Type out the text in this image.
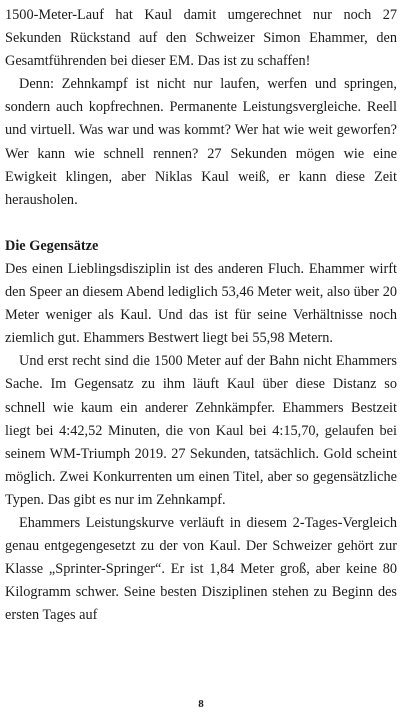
1500-Meter-Lauf hat Kaul damit umgerechnet nur noch 27 Sekunden Rückstand auf den Schweizer Simon Ehammer, den Gesamtführenden bei dieser EM. Das ist zu schaffen!

Denn: Zehnkampf ist nicht nur laufen, werfen und springen, sondern auch kopfrechnen. Permanente Leistungsvergleiche. Reell und virtuell. Was war und was kommt? Wer hat wie weit geworfen? Wer kann wie schnell rennen? 27 Sekunden mögen wie eine Ewigkeit klingen, aber Niklas Kaul weiß, er kann diese Zeit herausholen.

Die Gegensätze

Des einen Lieblingsdisziplin ist des anderen Fluch. Ehammer wirft den Speer an diesem Abend lediglich 53,46 Meter weit, also über 20 Meter weniger als Kaul. Und das ist für seine Verhältnisse noch ziemlich gut. Ehammers Bestwert liegt bei 55,98 Metern.

Und erst recht sind die 1500 Meter auf der Bahn nicht Ehammers Sache. Im Gegensatz zu ihm läuft Kaul über diese Distanz so schnell wie kaum ein anderer Zehnkämpfer. Ehammers Bestzeit liegt bei 4:42,52 Minuten, die von Kaul bei 4:15,70, gelaufen bei seinem WM-Triumph 2019. 27 Sekunden, tatsächlich. Gold scheint möglich. Zwei Konkurrenten um einen Titel, aber so gegensätzliche Typen. Das gibt es nur im Zehnkampf.

Ehammers Leistungskurve verläuft in diesem 2-Tages-Vergleich genau entgegengesetzt zu der von Kaul. Der Schweizer gehört zur Klasse „Sprinter-Springer“. Er ist 1,84 Meter groß, aber keine 80 Kilogramm schwer. Seine besten Disziplinen stehen zu Beginn des ersten Tages auf

8
